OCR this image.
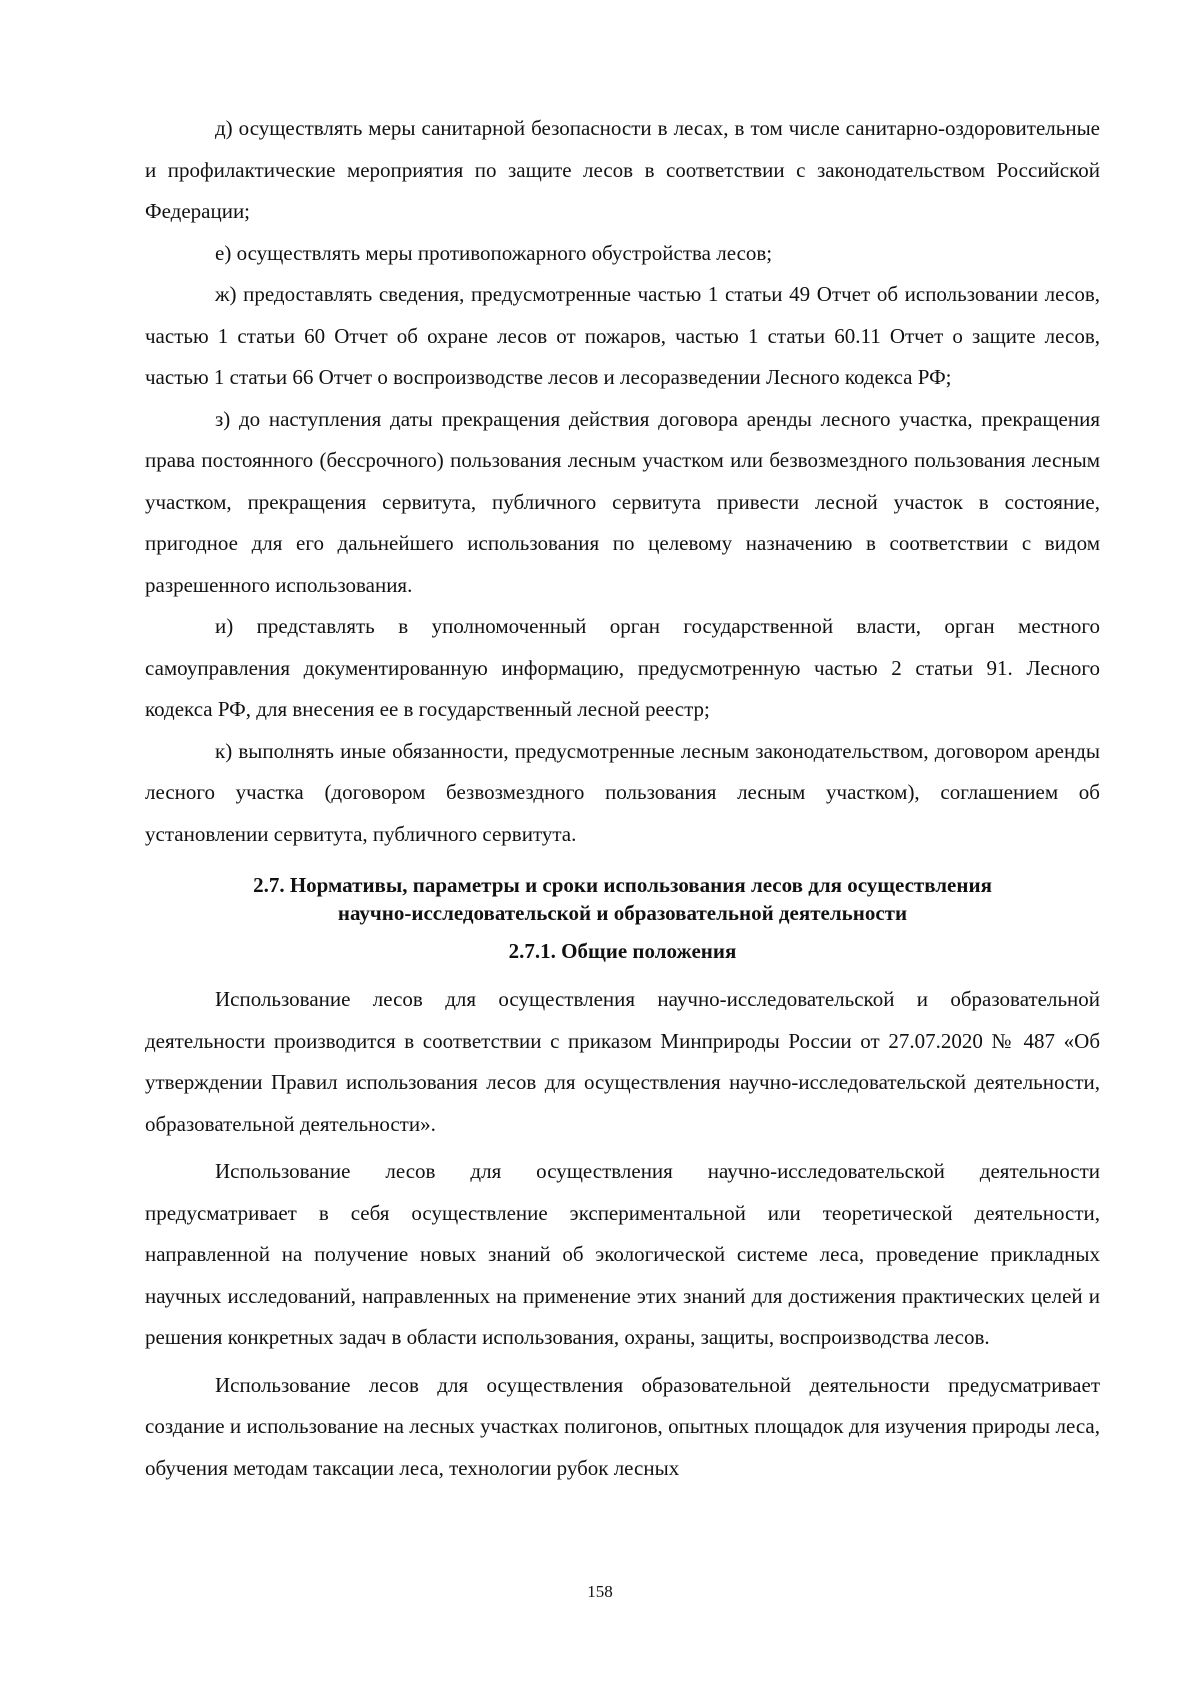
д) осуществлять меры санитарной безопасности в лесах, в том числе санитарно-оздоровительные и профилактические мероприятия по защите лесов в соответствии с законодательством Российской Федерации;

е) осуществлять меры противопожарного обустройства лесов;

ж) предоставлять сведения, предусмотренные частью 1 статьи 49 Отчет об использовании лесов, частью 1 статьи 60 Отчет об охране лесов от пожаров, частью 1 статьи 60.11 Отчет о защите лесов, частью 1 статьи 66 Отчет о воспроизводстве лесов и лесоразведении Лесного кодекса РФ;

з) до наступления даты прекращения действия договора аренды лесного участка, прекращения права постоянного (бессрочного) пользования лесным участком или безвозмездного пользования лесным участком, прекращения сервитута, публичного сервитута привести лесной участок в состояние, пригодное для его дальнейшего использования по целевому назначению в соответствии с видом разрешенного использования.

и) представлять в уполномоченный орган государственной власти, орган местного самоуправления документированную информацию, предусмотренную частью 2 статьи 91. Лесного кодекса РФ, для внесения ее в государственный лесной реестр;

к) выполнять иные обязанности, предусмотренные лесным законодательством, договором аренды лесного участка (договором безвозмездного пользования лесным участком), соглашением об установлении сервитута, публичного сервитута.

2.7. Нормативы, параметры и сроки использования лесов для осуществления
научно-исследовательской и образовательной деятельности
2.7.1. Общие положения

Использование лесов для осуществления научно-исследовательской и образовательной деятельности производится в соответствии с приказом Минприроды России от 27.07.2020 № 487 «Об утверждении Правил использования лесов для осуществления научно-исследовательской деятельности, образовательной деятельности».

Использование лесов для осуществления научно-исследовательской деятельности предусматривает в себя осуществление экспериментальной или теоретической деятельности, направленной на получение новых знаний об экологической системе леса, проведение прикладных научных исследований, направленных на применение этих знаний для достижения практических целей и решения конкретных задач в области использования, охраны, защиты, воспроизводства лесов.

Использование лесов для осуществления образовательной деятельности предусматривает создание и использование на лесных участках полигонов, опытных площадок для изучения природы леса, обучения методам таксации леса, технологии рубок лесных

158
